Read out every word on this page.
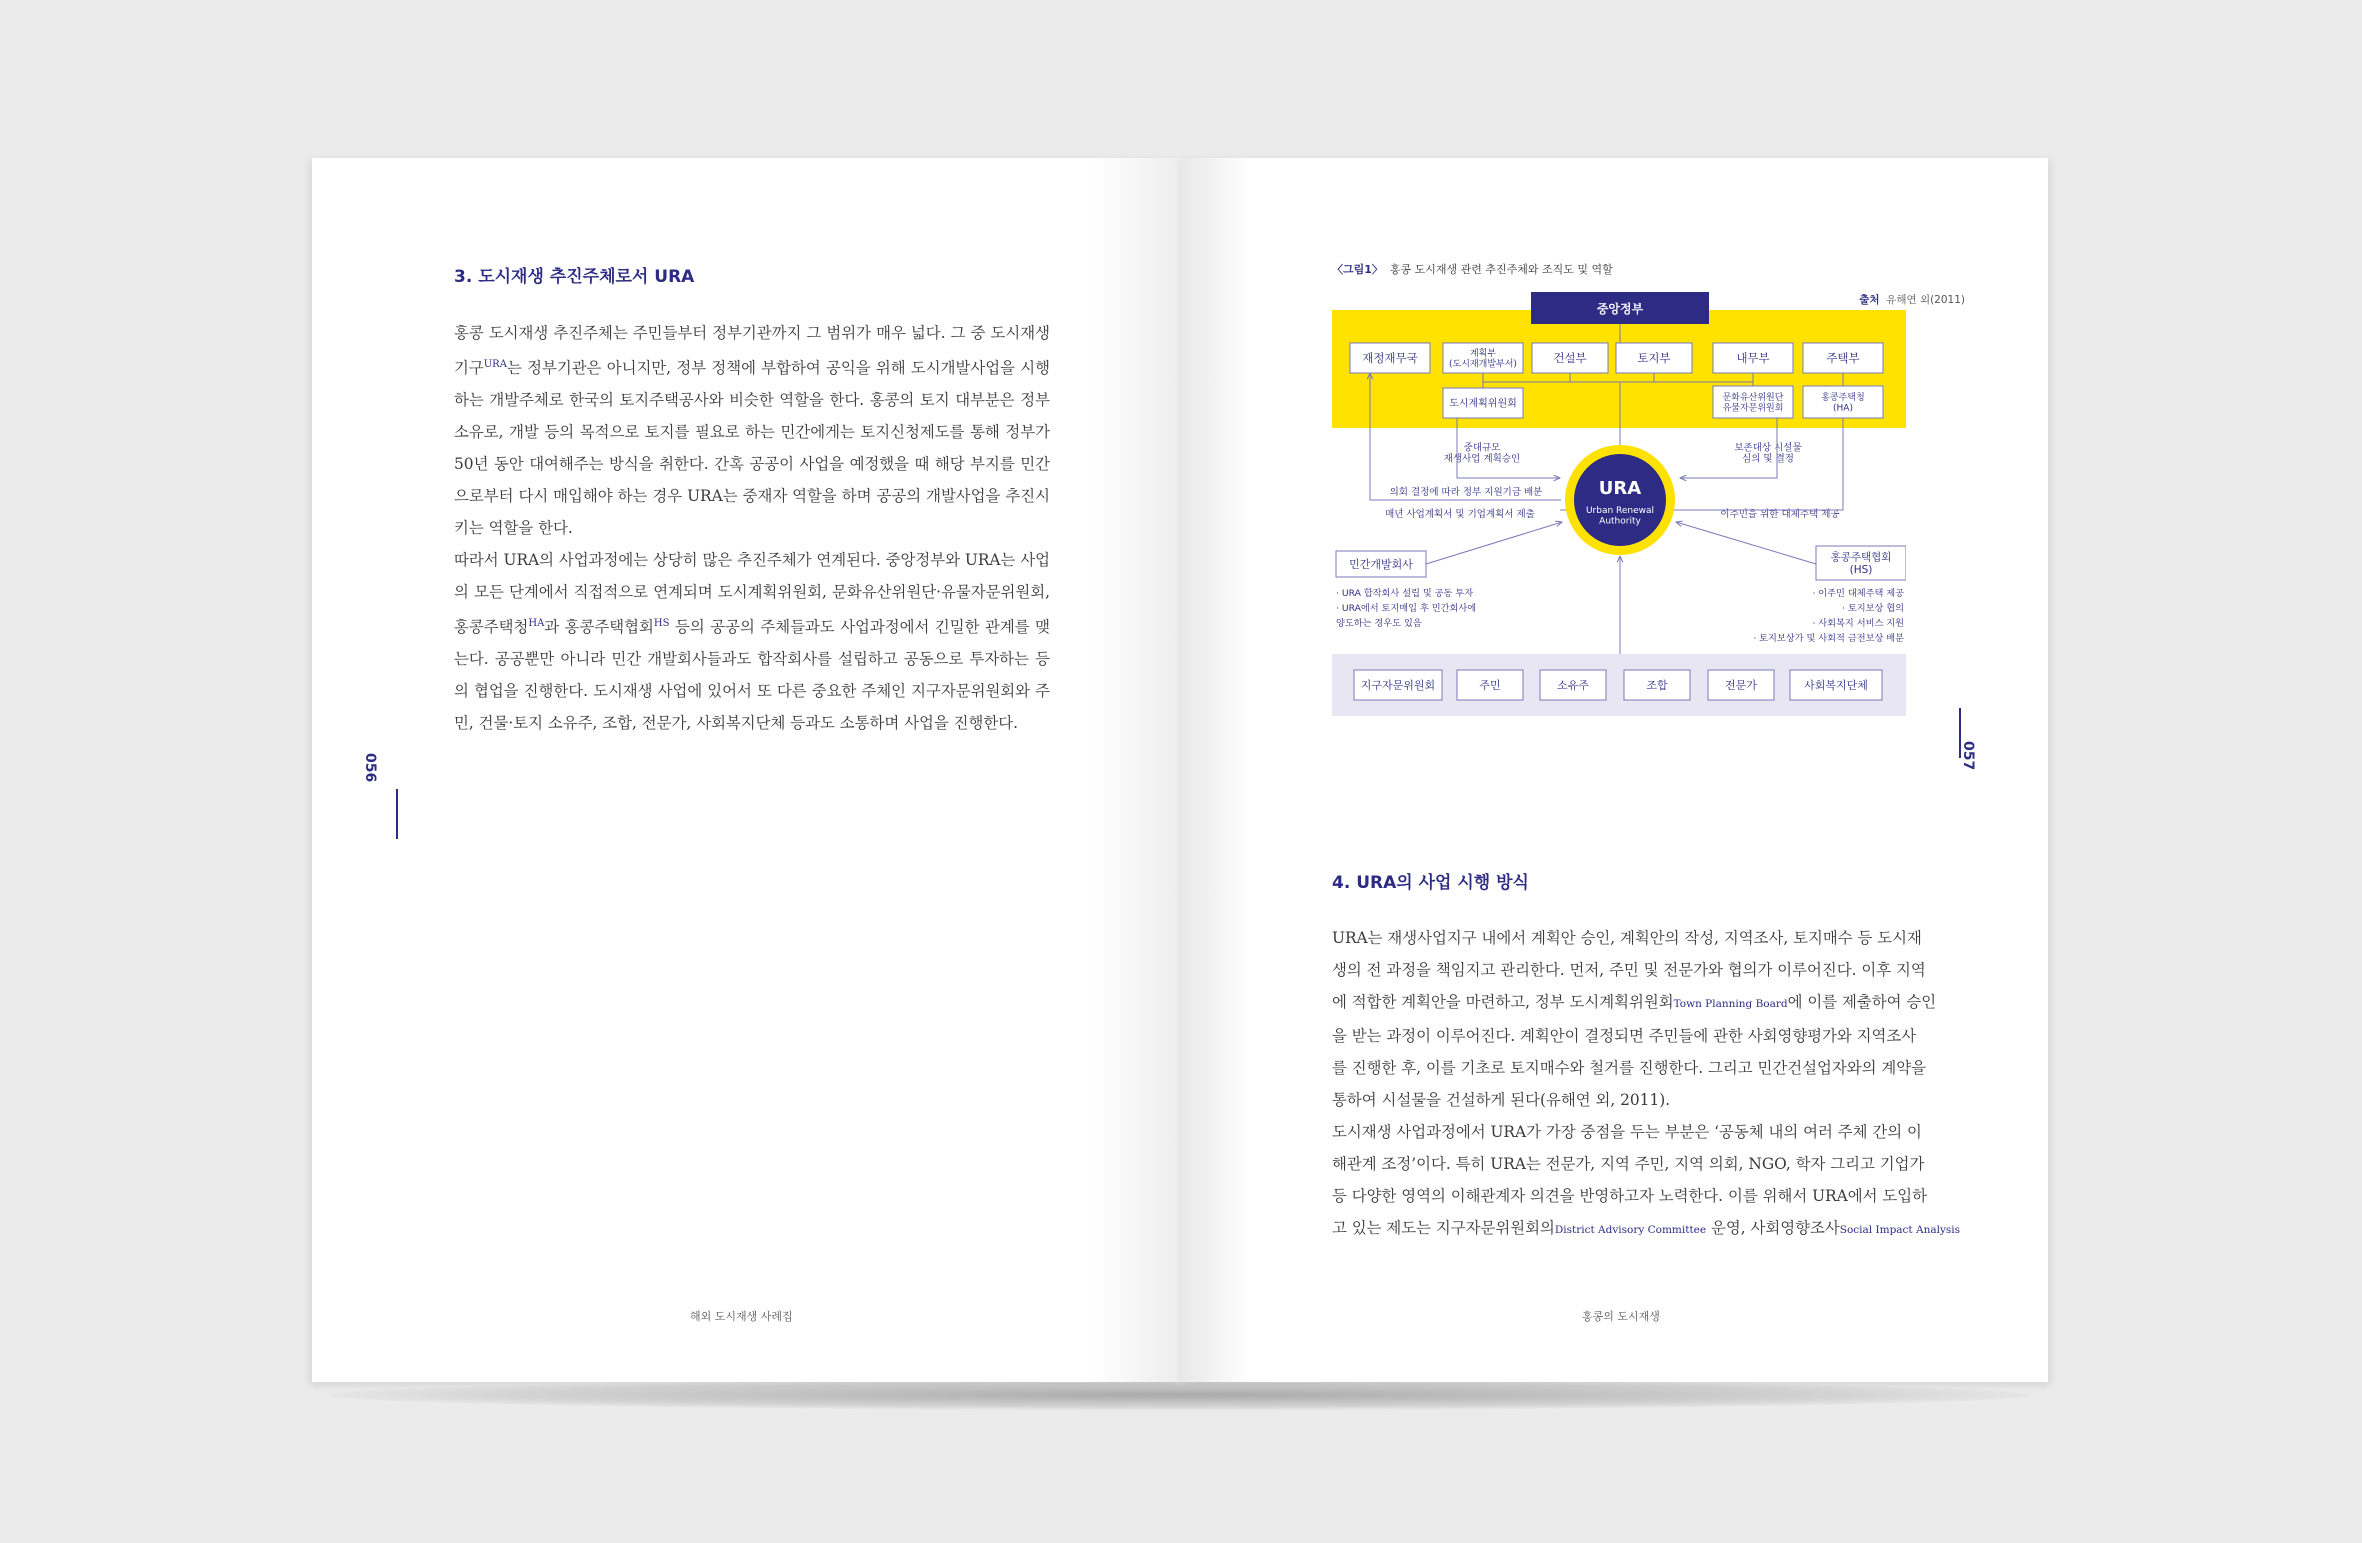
3. 도시재생 추진주체로서 URA

홍콩 도시재생 추진주체는 주민들부터 정부기관까지 그 범위가 매우 넓다. 그 중 도시재생

기구$^{URA}$는 정부기관은 아니지만, 정부 정책에 부합하여 공익을 위해 도시개발사업을 시행

하는 개발주체로 한국의 토지주택공사와 비슷한 역할을 한다. 홍콩의 토지 대부분은 정부

소유로, 개발 등의 목적으로 토지를 필요로 하는 민간에게는 토지신청제도를 통해 정부가

50년 동안 대여해주는 방식을 취한다. 간혹 공공이 사업을 예정했을 때 해당 부지를 민간

으로부터 다시 매입해야 하는 경우 URA는 중재자 역할을 하며 공공의 개발사업을 추진시

키는 역할을 한다.

따라서 URA의 사업과정에는 상당히 많은 추진주체가 연계된다. 중앙정부와 URA는 사업

의 모든 단계에서 직접적으로 연계되며 도시계획위원회, 문화유산위원단·유물자문위원회,

홍콩주택청$^{HA}$과 홍콩주택협회$^{HS}$ 등의 공공의 주체들과도 사업과정에서 긴밀한 관계를 맺

는다. 공공뿐만 아니라 민간 개발회사들과도 합작회사를 설립하고 공동으로 투자하는 등

의 협업을 진행한다. 도시재생 사업에 있어서 또 다른 중요한 주체인 지구자문위원회와 주

민, 건물·토지 소유주, 조합, 전문가, 사회복지단체 등과도 소통하며 사업을 진행한다.

056
해외 도시재생 사례집
〈그림1〉 홍콩 도시재생 관련 추진주체와 조직도 및 역할
출처 유해연 외(2011)
중앙정부
재정재무국	계획부 (도시재개발부서)	건설부	토지부	내무부	주택부
도시계획위원회
문화유산위원단 유물자문위원회
홍콩주택청 (HA)
중대규모 재생사업 계획승인
보존대상 시설물 심의 및 결정
의회 결정에 따라 정부 지원기금 배분
매년 사업계획서 및 기업계획서 제출	이주민을 위한 대체주택 제공
URA
Urban Renewal Authority
민간개발회사
· URA 합작회사 설립 및 공동 투자
· URA에서 토지매입 후 민간회사에
양도하는 경우도 있음
홍콩주택협회 (HS)
· 이주민 대체주택 제공
· 토지보상 협의
· 사회복지 서비스 지원
· 토지보상가 및 사회적 금전보상 배분
지구자문위원회	주민	소유주	조합	전문가	사회복지단체
4. URA의 사업 시행 방식

URA는 재생사업지구 내에서 계획안 승인, 계획안의 작성, 지역조사, 토지매수 등 도시재

생의 전 과정을 책임지고 관리한다. 먼저, 주민 및 전문가와 협의가 이루어진다. 이후 지역

에 적합한 계획안을 마련하고, 정부 도시계획위원회Town Planning Board에 이를 제출하여 승인

을 받는 과정이 이루어진다. 계획안이 결정되면 주민들에 관한 사회영향평가와 지역조사

를 진행한 후, 이를 기초로 토지매수와 철거를 진행한다. 그리고 민간건설업자와의 계약을

통하여 시설물을 건설하게 된다(유해연 외, 2011).

도시재생 사업과정에서 URA가 가장 중점을 두는 부분은 ‘공동체 내의 여러 주체 간의 이

해관계 조정’이다. 특히 URA는 전문가, 지역 주민, 지역 의회, NGO, 학자 그리고 기업가

등 다양한 영역의 이해관계자 의견을 반영하고자 노력한다. 이를 위해서 URA에서 도입하

고 있는 제도는 지구자문위원회의District Advisory Committee 운영, 사회영향조사Social Impact Analysis

057
홍콩의 도시재생
